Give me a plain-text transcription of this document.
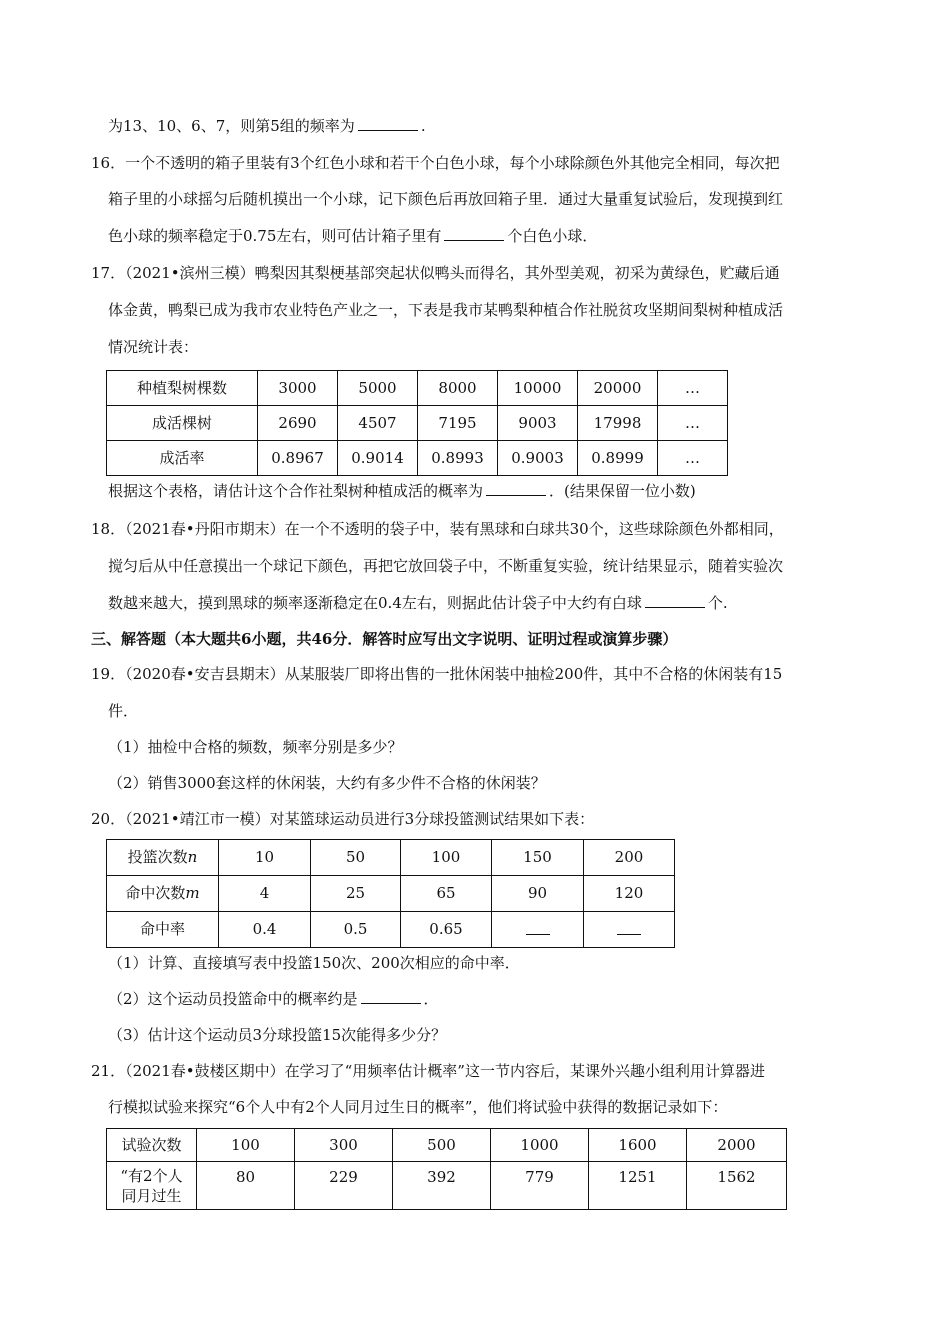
为13、10、6、7，则第5组的频率为	.
16．一个不透明的箱子里装有3个红色小球和若干个白色小球，每个小球除颜色外其他完全相同，每次把
箱子里的小球摇匀后随机摸出一个小球，记下颜色后再放回箱子里．通过大量重复试验后，发现摸到红
色小球的频率稳定于0.75左右，则可估计箱子里有	个白色小球．
17．（2021•滨州三模）鸭梨因其梨梗基部突起状似鸭头而得名，其外型美观，初采为黄绿色，贮藏后通
体金黄，鸭梨已成为我市农业特色产业之一，下表是我市某鸭梨种植合作社脱贫攻坚期间梨树种植成活
情况统计表：
种植梨树棵数	3000	5000	8000	10000	20000	…
成活棵树	2690	4507	7195	9003	17998	…
成活率	0.8967	0.9014	0.8993	0.9003	0.8999	…
根据这个表格，请估计这个合作社梨树种植成活的概率为	．(结果保留一位小数)
18．（2021春•丹阳市期末）在一个不透明的袋子中，装有黑球和白球共30个，这些球除颜色外都相同，
搅匀后从中任意摸出一个球记下颜色，再把它放回袋子中，不断重复实验，统计结果显示，随着实验次
数越来越大，摸到黑球的频率逐渐稳定在0.4左右，则据此估计袋子中大约有白球	个.
三、解答题（本大题共6小题，共46分．解答时应写出文字说明、证明过程或演算步骤）
19．（2020春•安吉县期末）从某服装厂即将出售的一批休闲装中抽检200件，其中不合格的休闲装有15
件．
（1）抽检中合格的频数，频率分别是多少？
（2）销售3000套这样的休闲装，大约有多少件不合格的休闲装？
20．（2021•靖江市一模）对某篮球运动员进行3分球投篮测试结果如下表：
投篮次数n	10	50	100	150	200
命中次数m	4	25	65	90	120
命中率	0.4	0.5	0.65		
（1）计算、直接填写表中投篮150次、200次相应的命中率．
（2）这个运动员投篮命中的概率约是	．
（3）估计这个运动员3分球投篮15次能得多少分？
21．（2021春•鼓楼区期中）在学习了“用频率估计概率”这一节内容后，某课外兴趣小组利用计算器进
行模拟试验来探究“6个人中有2个人同月过生日的概率”，他们将试验中获得的数据记录如下：
试验次数	100	300	500	1000	1600	2000

“有2个人
同月过生	80	229	392	779	1251	1562
